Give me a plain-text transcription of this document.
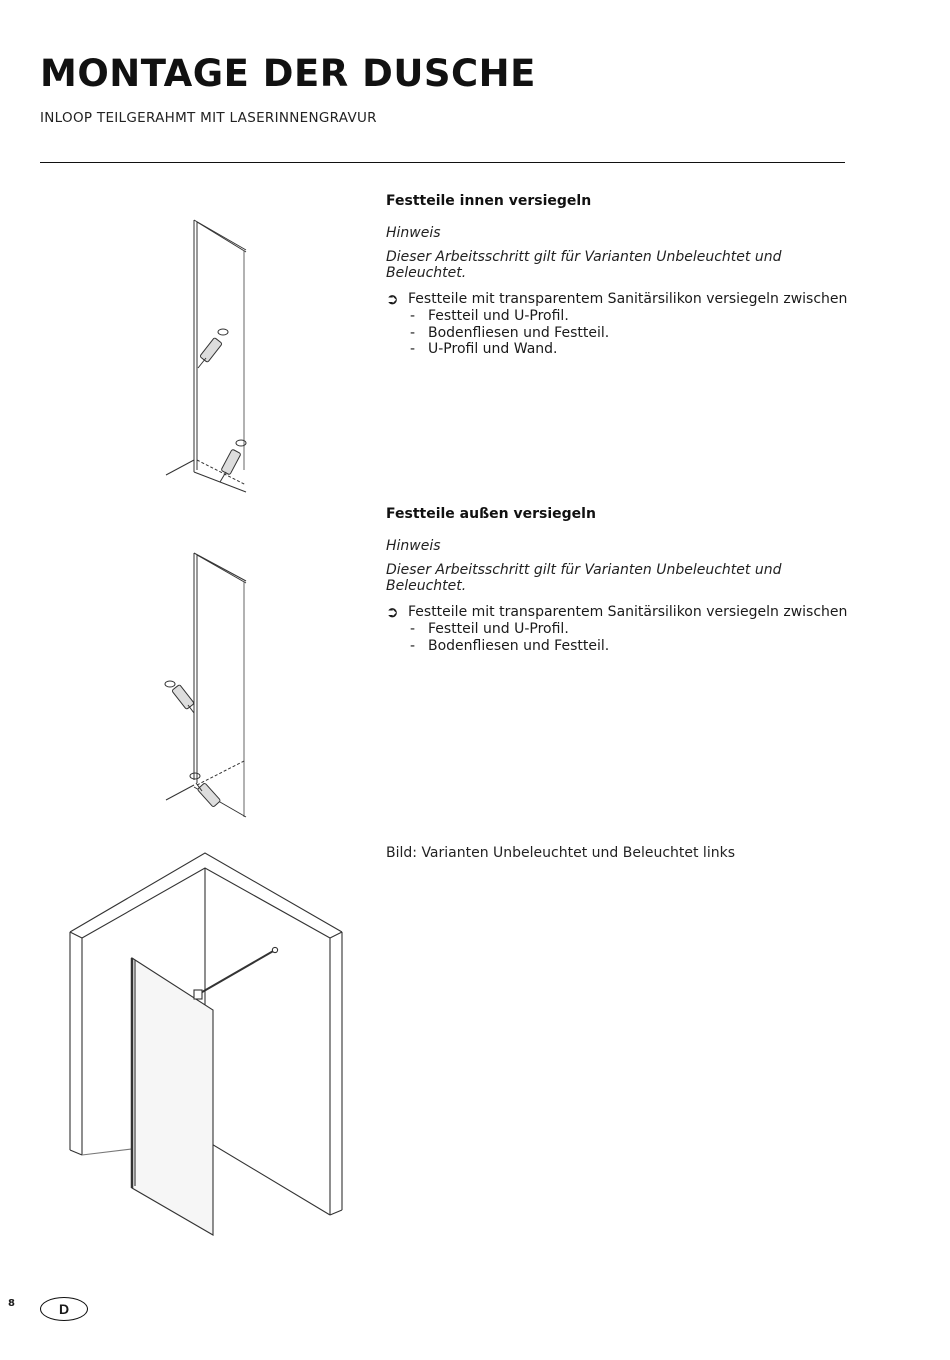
MONTAGE DER DUSCHE
INLOOP TEILGERAHMT MIT LASERINNENGRAVUR
Festteile innen versiegeln
Hinweis
Dieser Arbeitsschritt gilt für Varianten Unbeleuchtet und Beleuchtet.
➲ Festteile mit transparentem Sanitärsilikon versiegeln zwischen
- Festteil und U-Profil.
- Bodenfliesen und Festteil.
- U-Profil und Wand.
Festteile außen versiegeln
Hinweis
Dieser Arbeitsschritt gilt für Varianten Unbeleuchtet und Beleuchtet.
➲ Festteile mit transparentem Sanitärsilikon versiegeln zwischen
- Festteil und U-Profil.
- Bodenfliesen und Festteil.
Bild: Varianten Unbeleuchtet und Beleuchtet links
8	D
